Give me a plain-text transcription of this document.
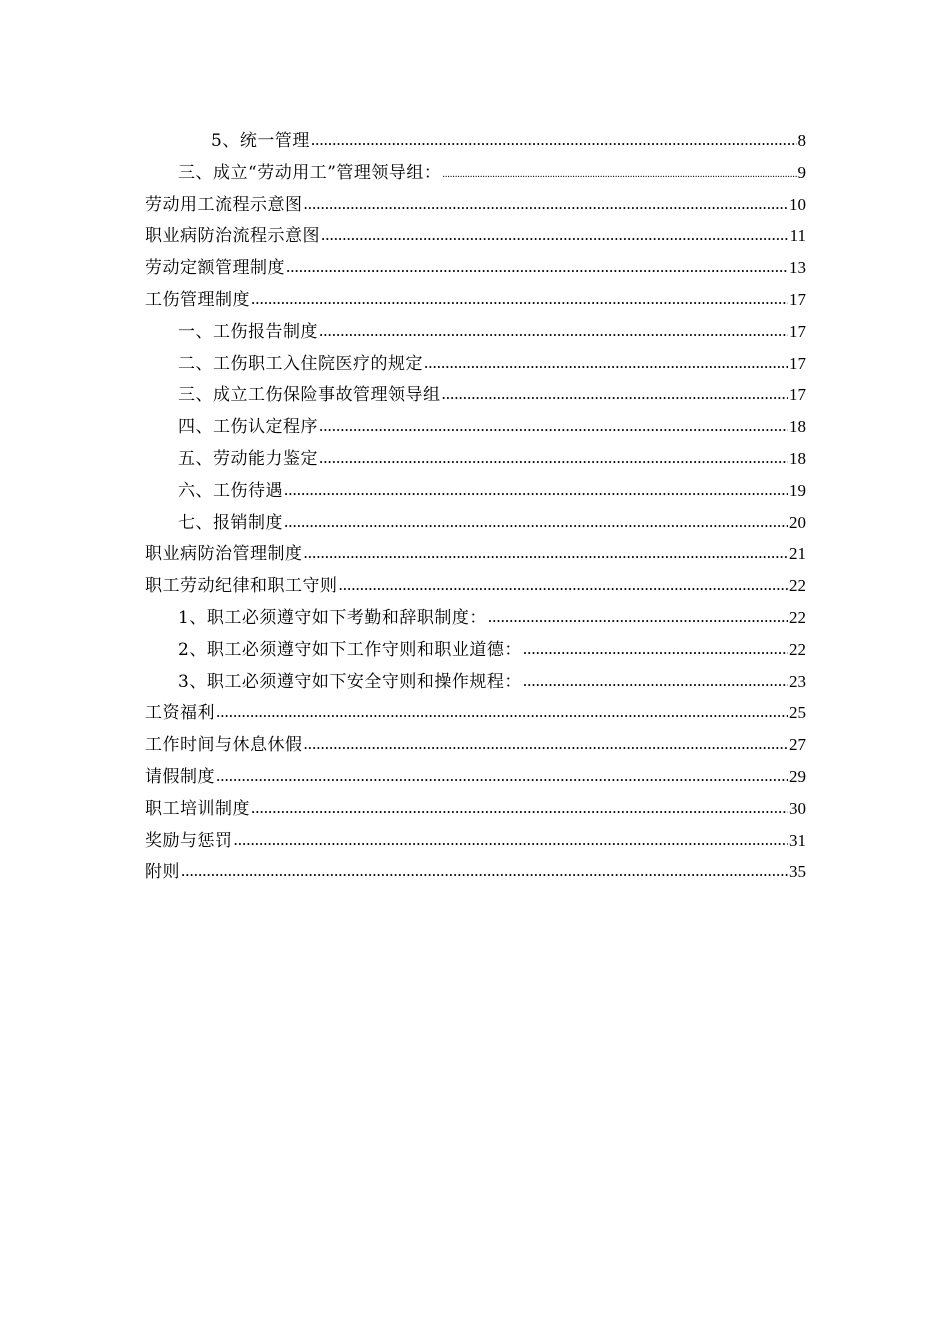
5、统一管理 .....	8
三、成立“劳动用工”管理领导组： .....	9
劳动用工流程示意图 .....	10
职业病防治流程示意图 .....	11
劳动定额管理制度 .....	13
工伤管理制度 .....	17
一、工伤报告制度 .....	17
二、工伤职工入住院医疗的规定 .....	17
三、成立工伤保险事故管理领导组 .....	17
四、工伤认定程序 .....	18
五、劳动能力鉴定 .....	18
六、工伤待遇 .....	19
七、报销制度 .....	20
职业病防治管理制度 .....	21
职工劳动纪律和职工守则 .....	22
1、职工必须遵守如下考勤和辞职制度： .....	22
2、职工必须遵守如下工作守则和职业道德： .....	22
3、职工必须遵守如下安全守则和操作规程： .....	23
工资福利 .....	25
工作时间与休息休假 .....	27
请假制度 .....	29
职工培训制度 .....	30
奖励与惩罚 .....	31
附则 .....	35
